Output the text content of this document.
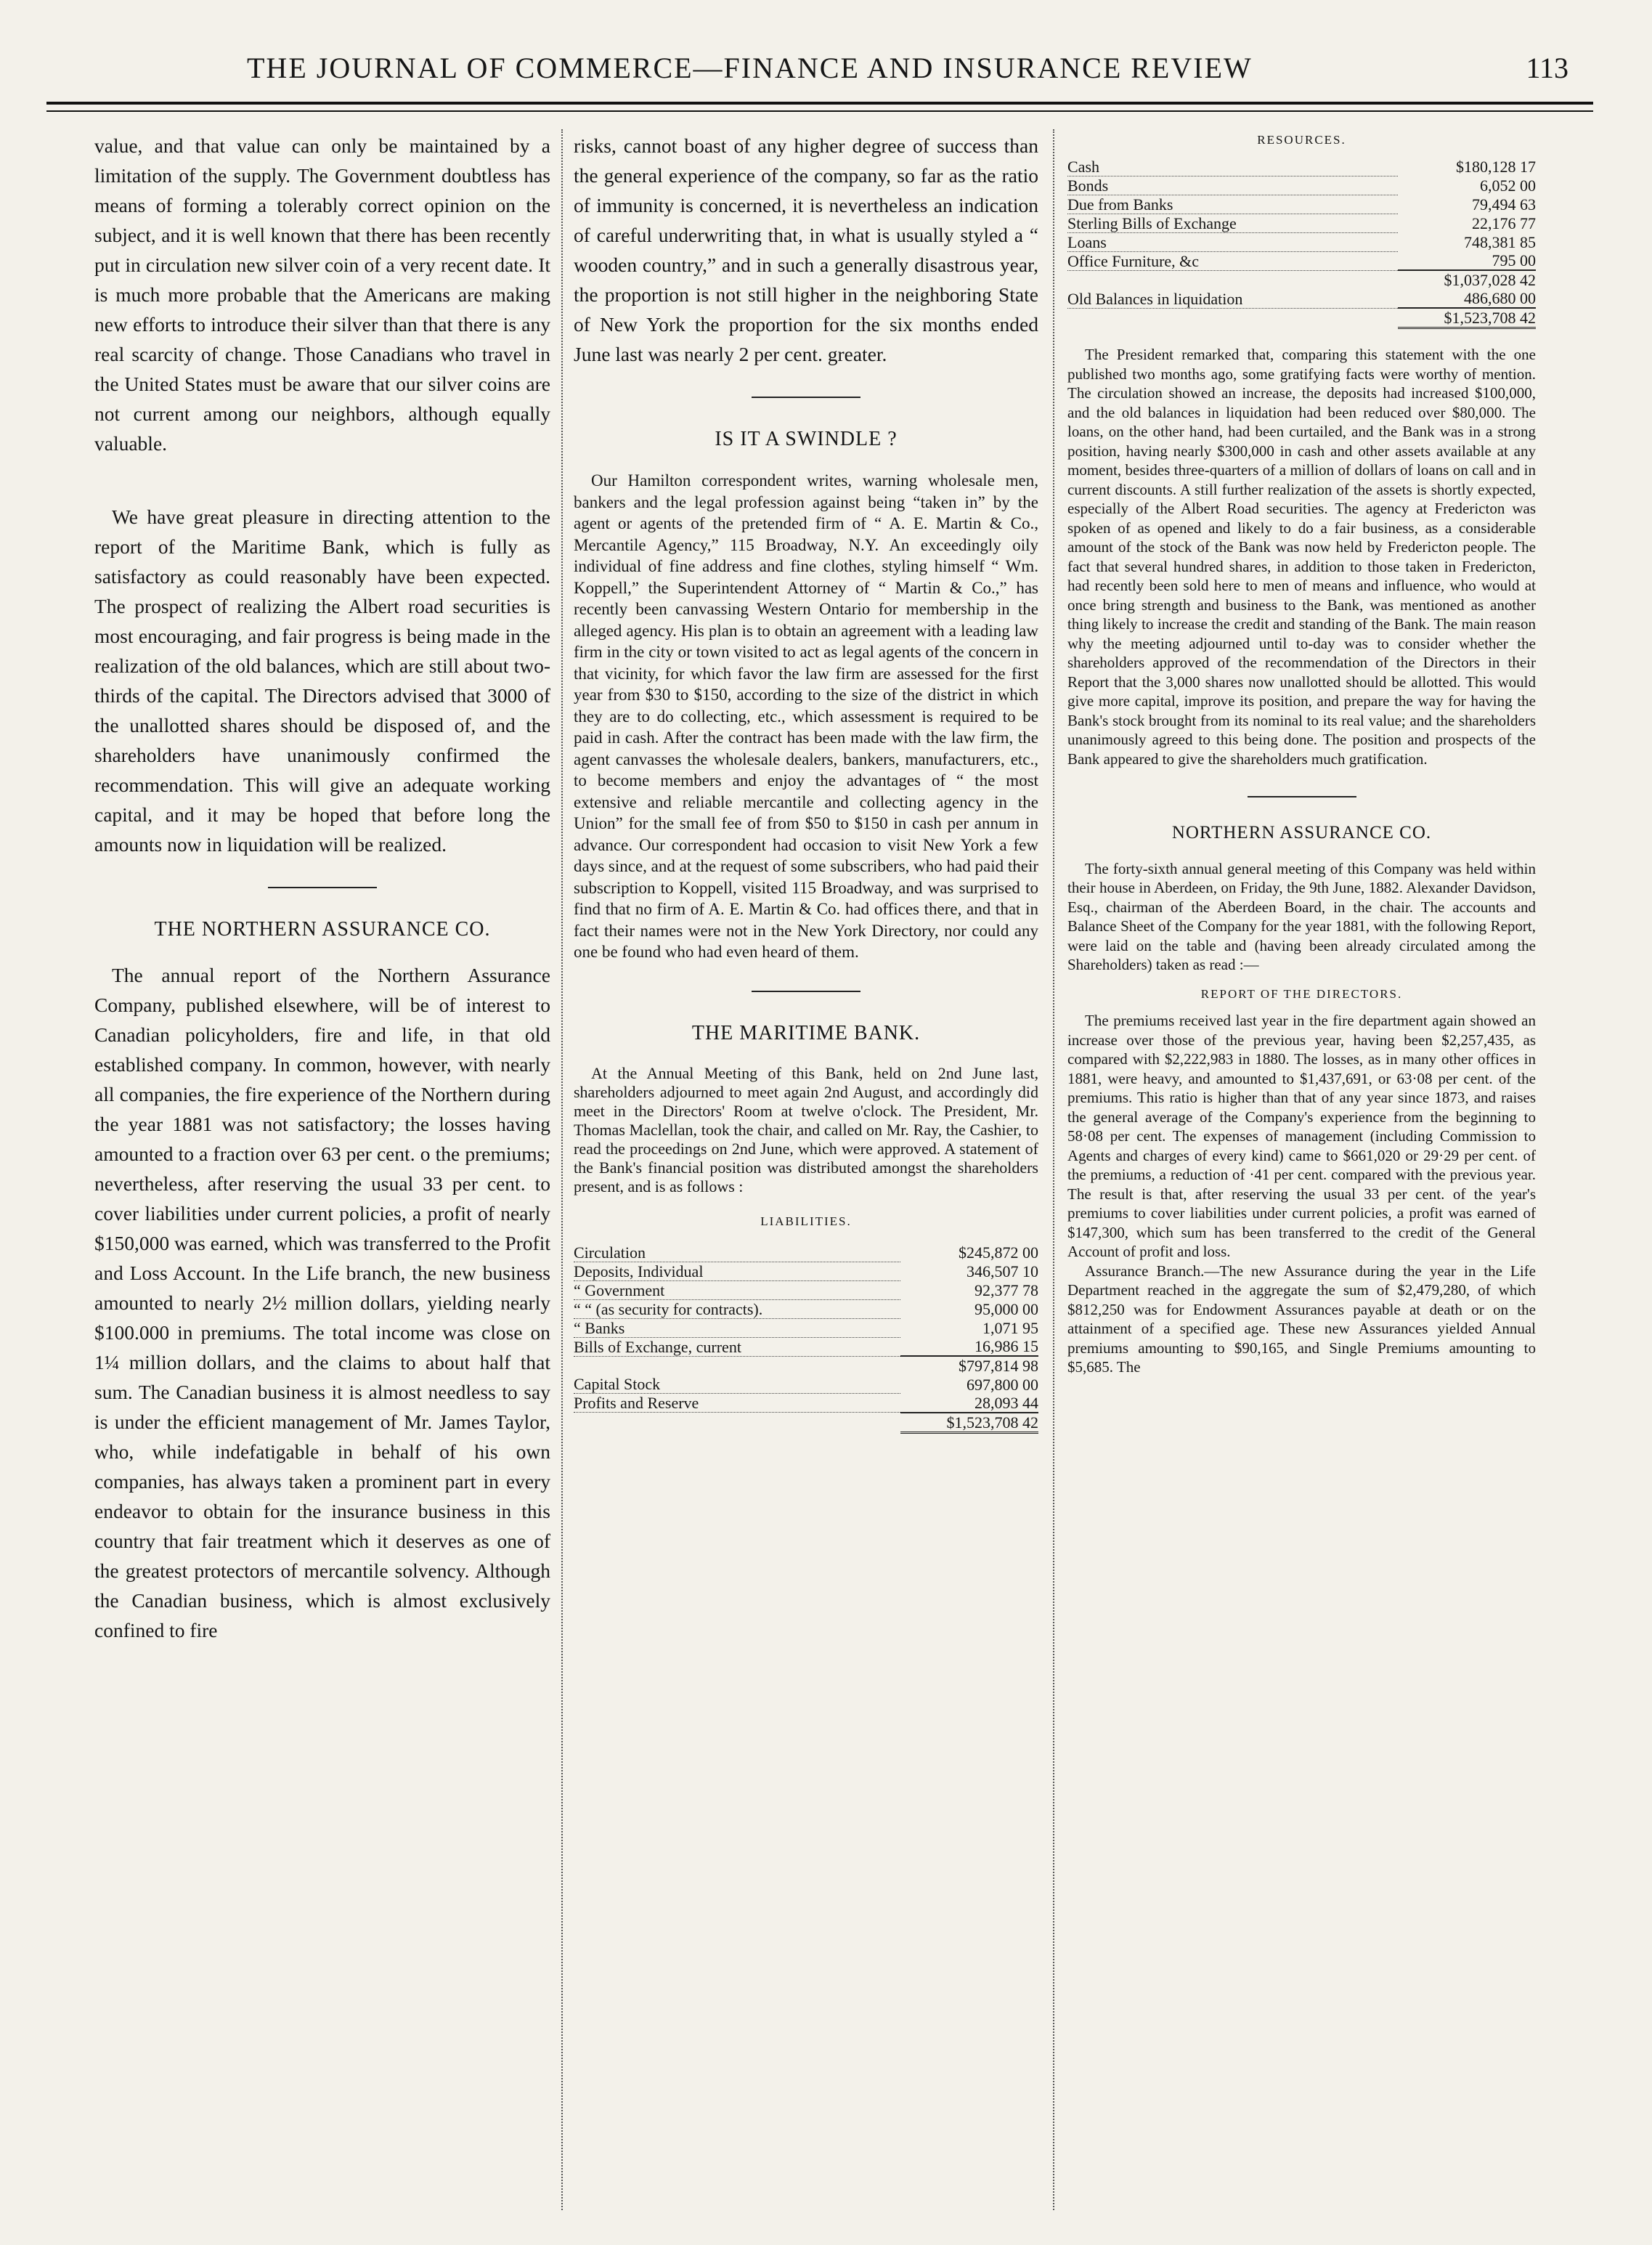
THE JOURNAL OF COMMERCE—FINANCE AND INSURANCE REVIEW	113

value, and that value can only be maintained by a limitation of the supply. The Government doubtless has means of forming a tolerably correct opinion on the subject, and it is well known that there has been recently put in circulation new silver coin of a very recent date. It is much more probable that the Americans are making new efforts to introduce their silver than that there is any real scarcity of change. Those Canadians who travel in the United States must be aware that our silver coins are not current among our neighbors, although equally valuable.

We have great pleasure in directing attention to the report of the Maritime Bank, which is fully as satisfactory as could reasonably have been expected. The prospect of realizing the Albert road securities is most encouraging, and fair progress is being made in the realization of the old balances, which are still about two-thirds of the capital. The Directors advised that 3000 of the unallotted shares should be disposed of, and the shareholders have unanimously confirmed the recommendation. This will give an adequate working capital, and it may be hoped that before long the amounts now in liquidation will be realized.

THE NORTHERN ASSURANCE CO.

The annual report of the Northern Assurance Company, published elsewhere, will be of interest to Canadian policyholders, fire and life, in that old established company. In common, however, with nearly all companies, the fire experience of the Northern during the year 1881 was not satisfactory; the losses having amounted to a fraction over 63 per cent. o the premiums; nevertheless, after reserving the usual 33 per cent. to cover liabilities under current policies, a profit of nearly $150,000 was earned, which was transferred to the Profit and Loss Account. In the Life branch, the new business amounted to nearly 2½ million dollars, yielding nearly $100.000 in premiums. The total income was close on 1¼ million dollars, and the claims to about half that sum. The Canadian business it is almost needless to say is under the efficient management of Mr. James Taylor, who, while indefatigable in behalf of his own companies, has always taken a prominent part in every endeavor to obtain for the insurance business in this country that fair treatment which it deserves as one of the greatest protectors of mercantile solvency. Although the Canadian business, which is almost exclusively confined to fire

risks, cannot boast of any higher degree of success than the general experience of the company, so far as the ratio of immunity is concerned, it is nevertheless an indication of careful underwriting that, in what is usually styled a “ wooden country,” and in such a generally disastrous year, the proportion is not still higher in the neighboring State of New York the proportion for the six months ended June last was nearly 2 per cent. greater.

IS IT A SWINDLE ?

Our Hamilton correspondent writes, warning wholesale men, bankers and the legal profession against being “taken in” by the agent or agents of the pretended firm of “ A. E. Martin & Co., Mercantile Agency,” 115 Broadway, N.Y. An exceedingly oily individual of fine address and fine clothes, styling himself “ Wm. Koppell,” the Superintendent Attorney of “ Martin & Co.,” has recently been canvassing Western Ontario for membership in the alleged agency. His plan is to obtain an agreement with a leading law firm in the city or town visited to act as legal agents of the concern in that vicinity, for which favor the law firm are assessed for the first year from $30 to $150, according to the size of the district in which they are to do collecting, etc., which assessment is required to be paid in cash. After the contract has been made with the law firm, the agent canvasses the wholesale dealers, bankers, manufacturers, etc., to become members and enjoy the advantages of “ the most extensive and reliable mercantile and collecting agency in the Union” for the small fee of from $50 to $150 in cash per annum in advance. Our correspondent had occasion to visit New York a few days since, and at the request of some subscribers, who had paid their subscription to Koppell, visited 115 Broadway, and was surprised to find that no firm of A. E. Martin & Co. had offices there, and that in fact their names were not in the New York Directory, nor could any one be found who had even heard of them.

THE MARITIME BANK.

At the Annual Meeting of this Bank, held on 2nd June last, shareholders adjourned to meet again 2nd August, and accordingly did meet in the Directors' Room at twelve o'clock. The President, Mr. Thomas Maclellan, took the chair, and called on Mr. Ray, the Cashier, to read the proceedings on 2nd June, which were approved. A statement of the Bank's financial position was distributed amongst the shareholders present, and is as follows :

LIABILITIES.
Circulation	$245,872 00
Deposits, Individual	346,507 10
“ Government	92,377 78
“ “ (as security for contracts).	95,000 00
“ Banks	1,071 95
Bills of Exchange, current	16,986 15
	$797,814 98
Capital Stock	697,800 00
Profits and Reserve	28,093 44
	$1,523,708 42
RESOURCES.
Cash	$180,128 17
Bonds	6,052 00
Due from Banks	79,494 63
Sterling Bills of Exchange	22,176 77
Loans	748,381 85
Office Furniture, &c	795 00
	$1,037,028 42
Old Balances in liquidation	486,680 00
	$1,523,708 42

The President remarked that, comparing this statement with the one published two months ago, some gratifying facts were worthy of mention. The circulation showed an increase, the deposits had increased $100,000, and the old balances in liquidation had been reduced over $80,000. The loans, on the other hand, had been curtailed, and the Bank was in a strong position, having nearly $300,000 in cash and other assets available at any moment, besides three-quarters of a million of dollars of loans on call and in current discounts. A still further realization of the assets is shortly expected, especially of the Albert Road securities. The agency at Fredericton was spoken of as opened and likely to do a fair business, as a considerable amount of the stock of the Bank was now held by Fredericton people. The fact that several hundred shares, in addition to those taken in Fredericton, had recently been sold here to men of means and influence, who would at once bring strength and business to the Bank, was mentioned as another thing likely to increase the credit and standing of the Bank. The main reason why the meeting adjourned until to-day was to consider whether the shareholders approved of the recommendation of the Directors in their Report that the 3,000 shares now unallotted should be allotted. This would give more capital, improve its position, and prepare the way for having the Bank's stock brought from its nominal to its real value; and the shareholders unanimously agreed to this being done. The position and prospects of the Bank appeared to give the shareholders much gratification.

NORTHERN ASSURANCE CO.

The forty-sixth annual general meeting of this Company was held within their house in Aberdeen, on Friday, the 9th June, 1882. Alexander Davidson, Esq., chairman of the Aberdeen Board, in the chair. The accounts and Balance Sheet of the Company for the year 1881, with the following Report, were laid on the table and (having been already circulated among the Shareholders) taken as read :—

REPORT OF THE DIRECTORS.

The premiums received last year in the fire department again showed an increase over those of the previous year, having been $2,257,435, as compared with $2,222,983 in 1880. The losses, as in many other offices in 1881, were heavy, and amounted to $1,437,691, or 63·08 per cent. of the premiums. This ratio is higher than that of any year since 1873, and raises the general average of the Company's experience from the beginning to 58·08 per cent. The expenses of management (including Commission to Agents and charges of every kind) came to $661,020 or 29·29 per cent. of the premiums, a reduction of ·41 per cent. compared with the previous year. The result is that, after reserving the usual 33 per cent. of the year's premiums to cover liabilities under current policies, a profit was earned of $147,300, which sum has been transferred to the credit of the General Account of profit and loss.

Assurance Branch.—The new Assurance during the year in the Life Department reached in the aggregate the sum of $2,479,280, of which $812,250 was for Endowment Assurances payable at death or on the attainment of a specified age. These new Assurances yielded Annual premiums amounting to $90,165, and Single Premiums amounting to $5,685. The
